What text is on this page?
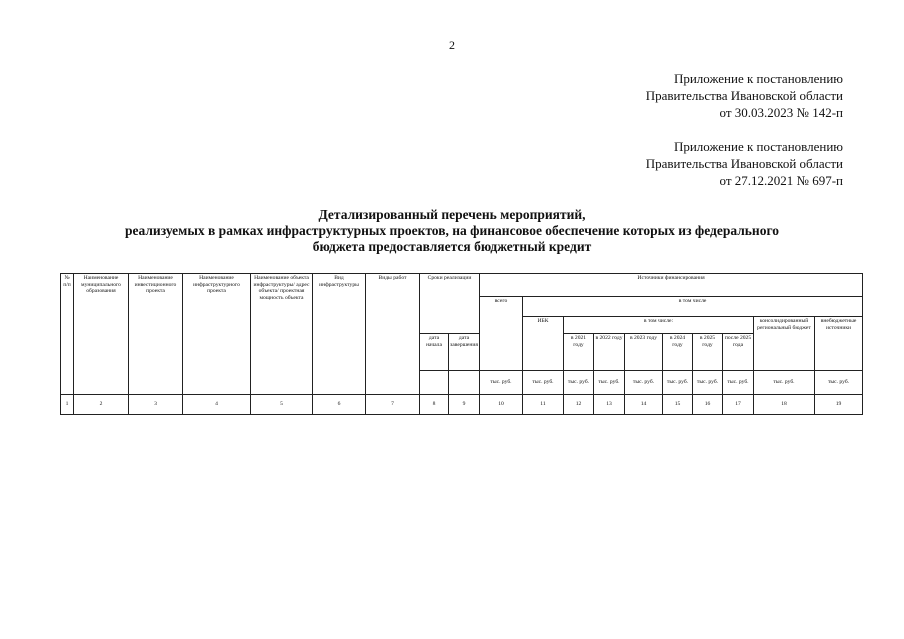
2
Приложение к постановлению
Правительства Ивановской области
от 30.03.2023 № 142-п
Приложение к постановлению
Правительства Ивановской области
от 27.12.2021 № 697-п
Детализированный перечень мероприятий,
реализуемых в рамках инфраструктурных проектов, на финансовое обеспечение которых из федерального
бюджета предоставляется бюджетный кредит
№ п/п	Наименование муниципального образования	Наименование инвестиционного проекта	Наименование инфраструктурного проекта	Наименование объекта инфраструктуры/ адрес объекта/ проектная мощность объекта	Вид инфраструктуры	Виды работ	Сроки реализации		Источники финансирования									
									всего	в том числе								
										ИБК	в том числе:						консолидированный региональный бюджет	внебюджетные источники
							дата начала	дата завершения			в 2021 году	в 2022 году	в 2023 году	в 2024 году	в 2025 году	после 2025 года		
									тыс. руб.	тыс. руб.	тыс. руб.	тыс. руб.	тыс. руб.	тыс. руб.	тыс. руб.	тыс. руб.	тыс. руб.	тыс. руб.
1	2	3	4	5	6	7	8	9	10	11	12	13	14	15	16	17	18	19
